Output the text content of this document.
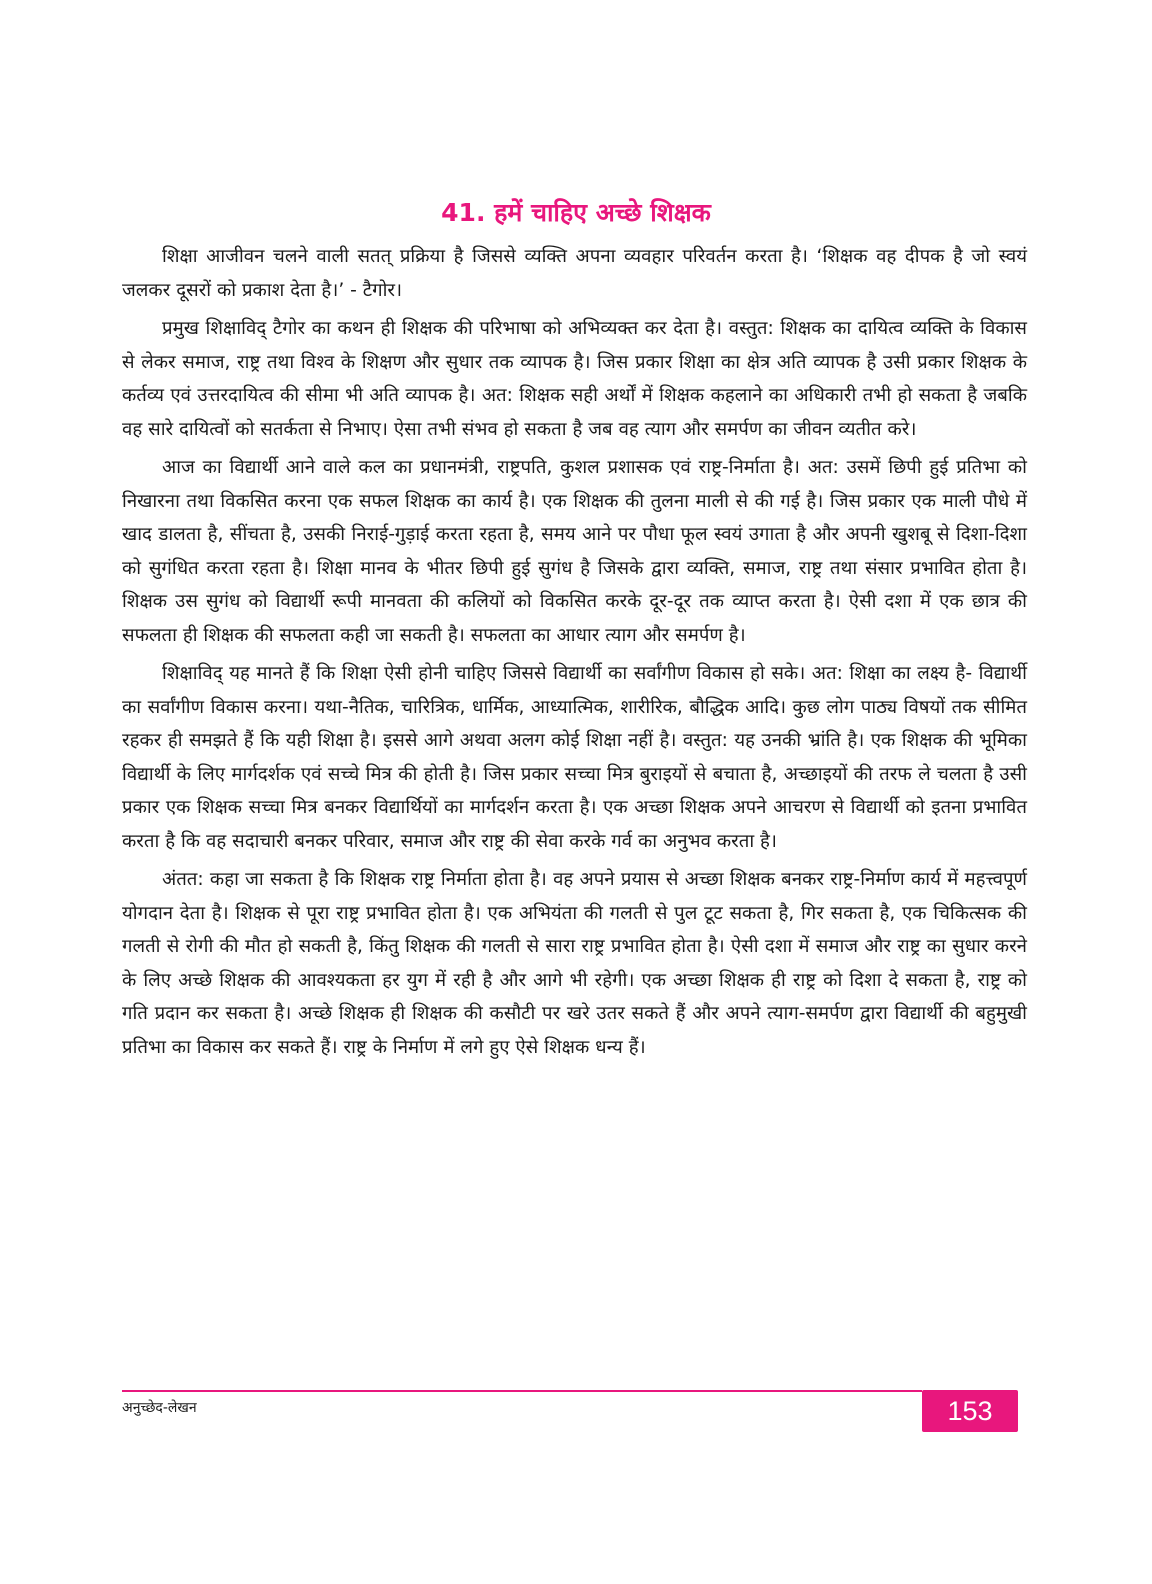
41. हमें चाहिए अच्छे शिक्षक

शिक्षा आजीवन चलने वाली सतत् प्रक्रिया है जिससे व्यक्ति अपना व्यवहार परिवर्तन करता है। ‘शिक्षक वह दीपक है जो स्वयं जलकर दूसरों को प्रकाश देता है।’ - टैगोर।

प्रमुख शिक्षाविद् टैगोर का कथन ही शिक्षक की परिभाषा को अभिव्यक्त कर देता है। वस्तुत: शिक्षक का दायित्व व्यक्ति के विकास से लेकर समाज, राष्ट्र तथा विश्व के शिक्षण और सुधार तक व्यापक है। जिस प्रकार शिक्षा का क्षेत्र अति व्यापक है उसी प्रकार शिक्षक के कर्तव्य एवं उत्तरदायित्व की सीमा भी अति व्यापक है। अत: शिक्षक सही अर्थों में शिक्षक कहलाने का अधिकारी तभी हो सकता है जबकि वह सारे दायित्वों को सतर्कता से निभाए। ऐसा तभी संभव हो सकता है जब वह त्याग और समर्पण का जीवन व्यतीत करे।

आज का विद्यार्थी आने वाले कल का प्रधानमंत्री, राष्ट्रपति, कुशल प्रशासक एवं राष्ट्र-निर्माता है। अत: उसमें छिपी हुई प्रतिभा को निखारना तथा विकसित करना एक सफल शिक्षक का कार्य है। एक शिक्षक की तुलना माली से की गई है। जिस प्रकार एक माली पौधे में खाद डालता है, सींचता है, उसकी निराई-गुड़ाई करता रहता है, समय आने पर पौधा फूल स्वयं उगाता है और अपनी खुशबू से दिशा-दिशा को सुगंधित करता रहता है। शिक्षा मानव के भीतर छिपी हुई सुगंध है जिसके द्वारा व्यक्ति, समाज, राष्ट्र तथा संसार प्रभावित होता है। शिक्षक उस सुगंध को विद्यार्थी रूपी मानवता की कलियों को विकसित करके दूर-दूर तक व्याप्त करता है। ऐसी दशा में एक छात्र की सफलता ही शिक्षक की सफलता कही जा सकती है। सफलता का आधार त्याग और समर्पण है।

शिक्षाविद् यह मानते हैं कि शिक्षा ऐसी होनी चाहिए जिससे विद्यार्थी का सर्वांगीण विकास हो सके। अत: शिक्षा का लक्ष्य है- विद्यार्थी का सर्वांगीण विकास करना। यथा-नैतिक, चारित्रिक, धार्मिक, आध्यात्मिक, शारीरिक, बौद्धिक आदि। कुछ लोग पाठ्य विषयों तक सीमित रहकर ही समझते हैं कि यही शिक्षा है। इससे आगे अथवा अलग कोई शिक्षा नहीं है। वस्तुत: यह उनकी भ्रांति है। एक शिक्षक की भूमिका विद्यार्थी के लिए मार्गदर्शक एवं सच्चे मित्र की होती है। जिस प्रकार सच्चा मित्र बुराइयों से बचाता है, अच्छाइयों की तरफ ले चलता है उसी प्रकार एक शिक्षक सच्चा मित्र बनकर विद्यार्थियों का मार्गदर्शन करता है। एक अच्छा शिक्षक अपने आचरण से विद्यार्थी को इतना प्रभावित करता है कि वह सदाचारी बनकर परिवार, समाज और राष्ट्र की सेवा करके गर्व का अनुभव करता है।

अंतत: कहा जा सकता है कि शिक्षक राष्ट्र निर्माता होता है। वह अपने प्रयास से अच्छा शिक्षक बनकर राष्ट्र-निर्माण कार्य में महत्त्वपूर्ण योगदान देता है। शिक्षक से पूरा राष्ट्र प्रभावित होता है। एक अभियंता की गलती से पुल टूट सकता है, गिर सकता है, एक चिकित्सक की गलती से रोगी की मौत हो सकती है, किंतु शिक्षक की गलती से सारा राष्ट्र प्रभावित होता है। ऐसी दशा में समाज और राष्ट्र का सुधार करने के लिए अच्छे शिक्षक की आवश्यकता हर युग में रही है और आगे भी रहेगी। एक अच्छा शिक्षक ही राष्ट्र को दिशा दे सकता है, राष्ट्र को गति प्रदान कर सकता है। अच्छे शिक्षक ही शिक्षक की कसौटी पर खरे उतर सकते हैं और अपने त्याग-समर्पण द्वारा विद्यार्थी की बहुमुखी प्रतिभा का विकास कर सकते हैं। राष्ट्र के निर्माण में लगे हुए ऐसे शिक्षक धन्य हैं।

अनुच्छेद-लेखन	153
